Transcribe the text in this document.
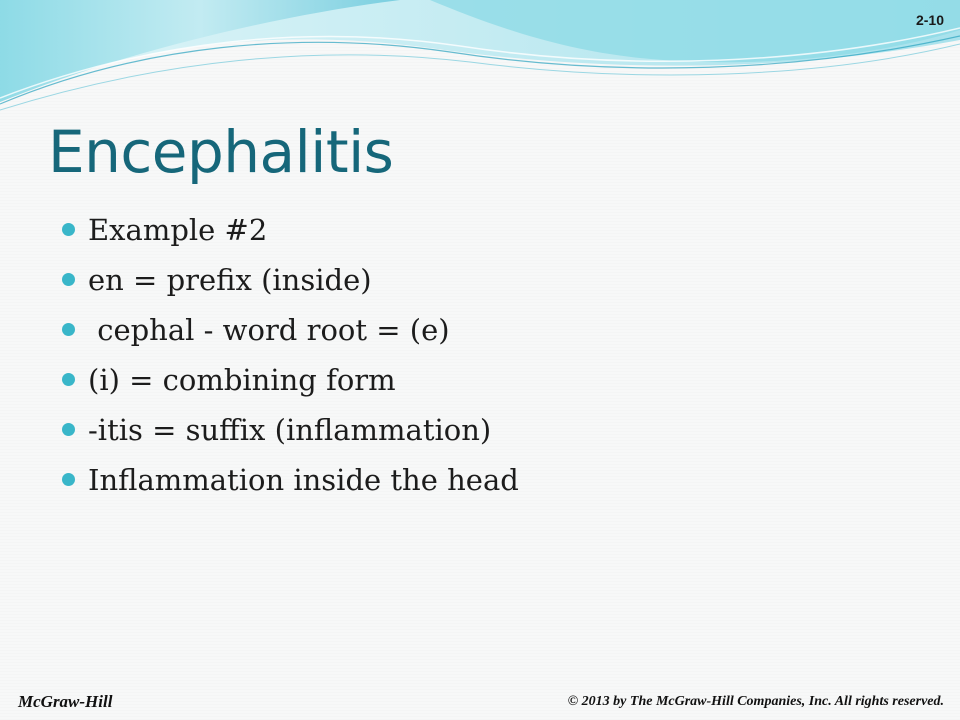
2-10
Encephalitis

Example #2

en = prefix (inside)

cephal - word root = (e)

(i) = combining form

-itis = suffix (inflammation)

Inflammation inside the head

McGraw-Hill	© 2013 by The McGraw-Hill Companies, Inc. All rights reserved.
